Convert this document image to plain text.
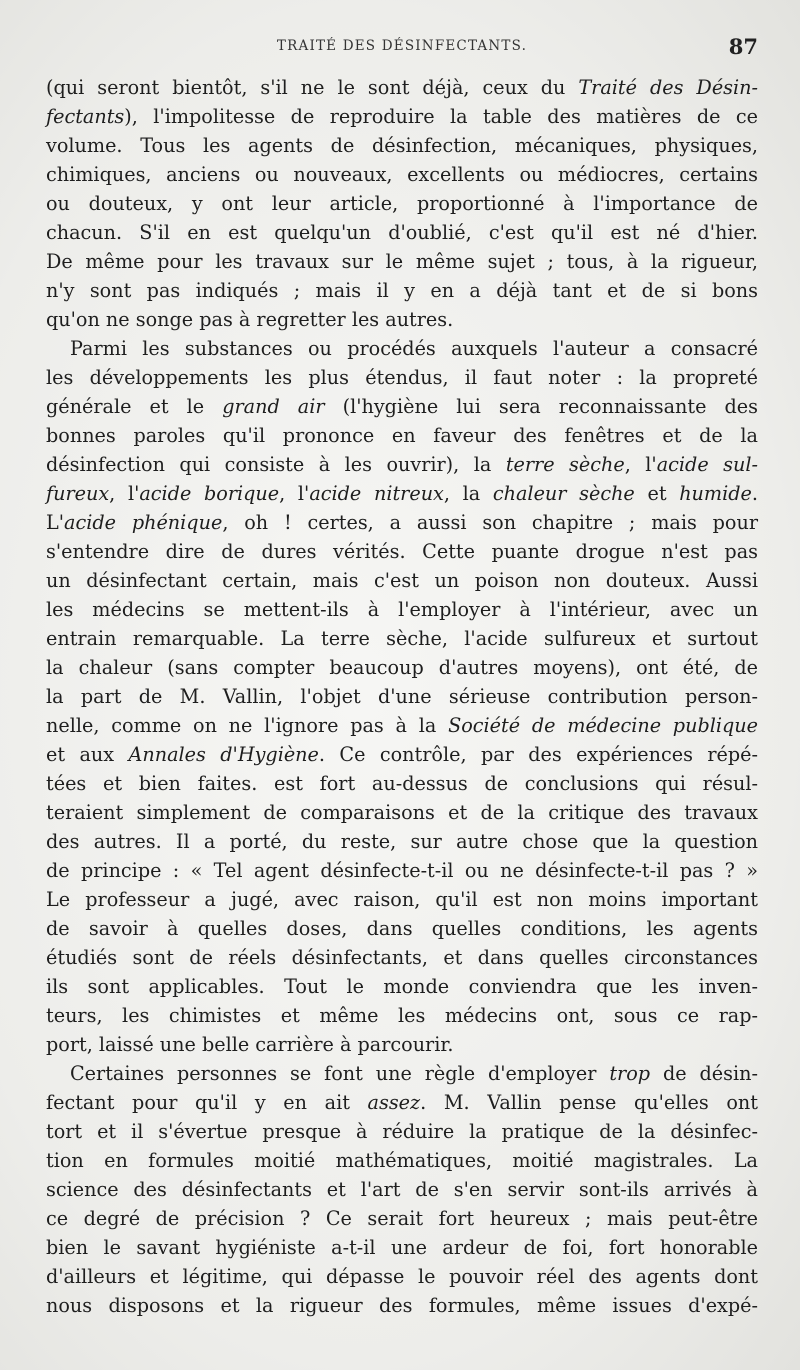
TRAITÉ DES DÉSINFECTANTS.	87
(qui seront bientôt, s'il ne le sont déjà, ceux du Traité des Désin-
fectants), l'impolitesse de reproduire la table des matières de ce
volume. Tous les agents de désinfection, mécaniques, physiques,
chimiques, anciens ou nouveaux, excellents ou médiocres, certains
ou douteux, y ont leur article, proportionné à l'importance de
chacun. S'il en est quelqu'un d'oublié, c'est qu'il est né d'hier.
De même pour les travaux sur le même sujet ; tous, à la rigueur,
n'y sont pas indiqués ; mais il y en a déjà tant et de si bons
qu'on ne songe pas à regretter les autres.
Parmi les substances ou procédés auxquels l'auteur a consacré
les développements les plus étendus, il faut noter : la propreté
générale et le grand air (l'hygiène lui sera reconnaissante des
bonnes paroles qu'il prononce en faveur des fenêtres et de la
désinfection qui consiste à les ouvrir), la terre sèche, l'acide sul-
fureux, l'acide borique, l'acide nitreux, la chaleur sèche et humide.
L'acide phénique, oh ! certes, a aussi son chapitre ; mais pour
s'entendre dire de dures vérités. Cette puante drogue n'est pas
un désinfectant certain, mais c'est un poison non douteux. Aussi
les médecins se mettent-ils à l'employer à l'intérieur, avec un
entrain remarquable. La terre sèche, l'acide sulfureux et surtout
la chaleur (sans compter beaucoup d'autres moyens), ont été, de
la part de M. Vallin, l'objet d'une sérieuse contribution person-
nelle, comme on ne l'ignore pas à la Société de médecine publique
et aux Annales d'Hygiène. Ce contrôle, par des expériences répé-
tées et bien faites. est fort au-dessus de conclusions qui résul-
teraient simplement de comparaisons et de la critique des travaux
des autres. Il a porté, du reste, sur autre chose que la question
de principe : « Tel agent désinfecte-t-il ou ne désinfecte-t-il pas ? »
Le professeur a jugé, avec raison, qu'il est non moins important
de savoir à quelles doses, dans quelles conditions, les agents
étudiés sont de réels désinfectants, et dans quelles circonstances
ils sont applicables. Tout le monde conviendra que les inven-
teurs, les chimistes et même les médecins ont, sous ce rap-
port, laissé une belle carrière à parcourir.
Certaines personnes se font une règle d'employer trop de désin-
fectant pour qu'il y en ait assez. M. Vallin pense qu'elles ont
tort et il s'évertue presque à réduire la pratique de la désinfec-
tion en formules moitié mathématiques, moitié magistrales. La
science des désinfectants et l'art de s'en servir sont-ils arrivés à
ce degré de précision ? Ce serait fort heureux ; mais peut-être
bien le savant hygiéniste a-t-il une ardeur de foi, fort honorable
d'ailleurs et légitime, qui dépasse le pouvoir réel des agents dont
nous disposons et la rigueur des formules, même issues d'expé-
